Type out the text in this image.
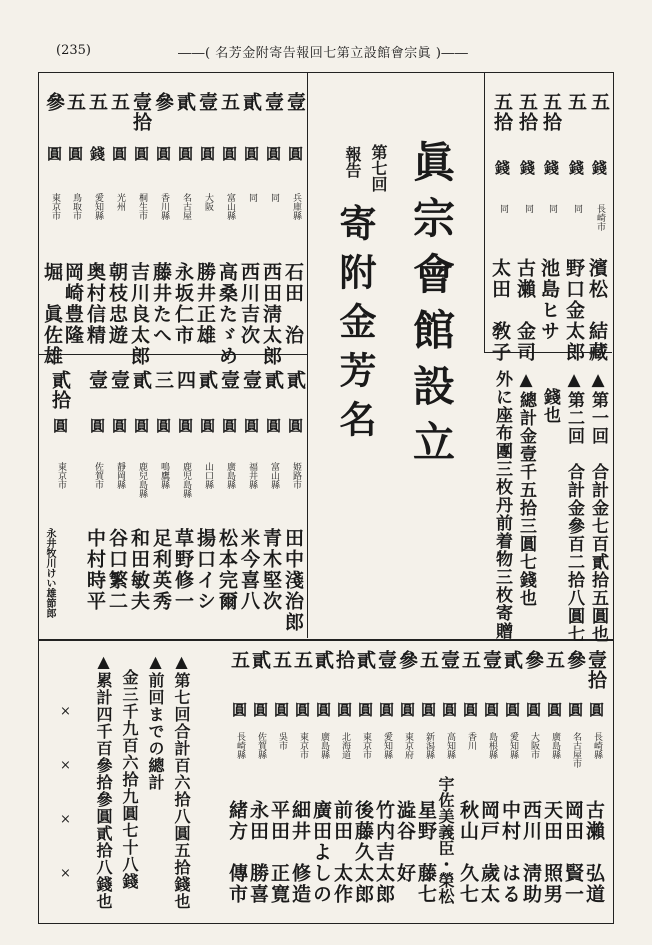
(235)	――( 名芳金附寄告報回七第立設館會宗眞 )――
五
錢
長崎市
濱松　結藏
五
錢
同
野口金太郎
五拾
錢
同
池島ヒサ
五拾
錢
同
古瀨　金司
五拾
錢
同
太田　敎子
▲第一回　合計金七百貳拾五圓也
▲第二回　合計金參百二拾八圓七
　錢也
▲總計金壹千五拾三圓七錢也
外に座布團三枚丹前着物三枚寄贈
眞宗會館設立
第七回
報告
寄附金芳名
壹
圓
兵庫縣
石田　治
壹
圓
同
西田淸太郎
貳
圓
同
西川吉次
五
圓
富山縣
高桑たゞめ
壹
圓
大阪
勝井正雄
貳
圓
名古屋
永坂仁市
參
圓
香川縣
藤井たへ
壹拾
圓
桐生市
吉川良太郎
五
圓
光州
朝枝忠遊
五
錢
愛知縣
奥村信精
五
圓
鳥取市
岡崎豊隆
參
圓
東京市
堀　眞佐雄
貳
圓
姫路市
田中淺治郎
貳
圓
富山縣
青木堅次
壹
圓
福井縣
米今喜八
壹
圓
廣島縣
松本完爾
貳
圓
山口縣
揚口イシ
四
圓
鹿児島縣
草野修一
三
圓
鳴鷹縣
足利英秀
貳
圓
鹿兒島縣
和田敏夫
壹
圓
靜岡縣
谷口繁二
壹
圓
佐賀市
中村時平
貳拾
圓
東京市
永井牧川けい雄節郎
壹拾
圓
長崎縣
古瀨　弘道
參
圓
名古屋市
岡田　賢一
五
圓
廣島縣
天田　照男
參
圓
大阪市
西川　淸助
貳
圓
愛知縣
中村　はる
壹
圓
島根縣
岡戸　歲太
五
圓
香川
秋山　久七
壹
圓
高知縣
宇佐美義臣・榮松
五
圓
新潟縣
星野　藤七
參
圓
東京府
澁谷　好
壹
圓
愛知縣
竹内吉太郎
貳
圓
東京市
後藤久太郎
拾
圓
北海道
前田　太作
貳
圓
廣島縣
廣田よしの
五
圓
東京市
細井　修造
五
圓
吳市
平田　正寛
貳
圓
佐賀縣
永田　勝喜
五
圓
長崎縣
緒方　傳市
▲第七回合計百六拾八圓五拾錢也
▲前回までの總計
　金三千九百六拾九圓七十八錢
▲累計四千百參拾參圓貳拾八錢也
×
×
×
×
